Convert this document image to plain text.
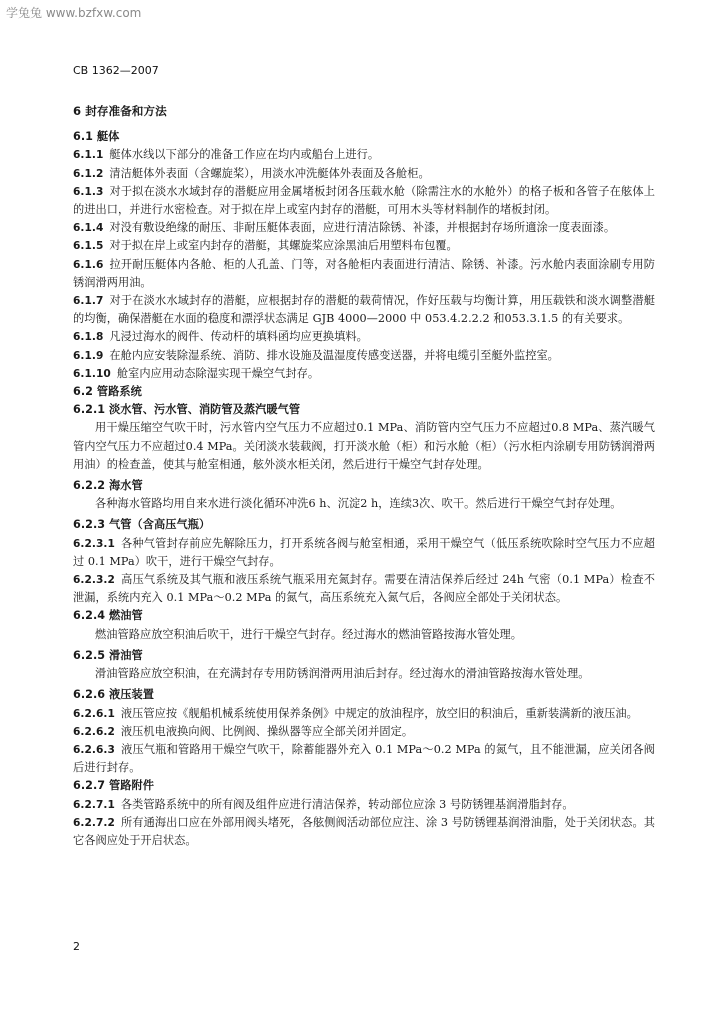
学兔兔 www.bzfxw.com
CB 1362—2007
6 封存准备和方法
6.1 艇体

6.1.1 艇体水线以下部分的准备工作应在均内或船台上进行。

6.1.2 清洁艇体外表面（含螺旋桨），用淡水冲洗艇体外表面及各舱柜。

6.1.3 对于拟在淡水水域封存的潜艇应用金属堵板封闭各压载水舱（除需注水的水舱外）的格子板和各管子在舷体上的进出口，并进行水密检查。对于拟在岸上或室内封存的潜艇，可用木头等材料制作的堵板封闭。

6.1.4 对没有敷设绝缘的耐压、非耐压艇体表面，应进行清洁除锈、补漆，并根据封存场所適涂一度表面漆。

6.1.5 对于拟在岸上或室内封存的潜艇，其螺旋桨应涂黑油后用塑料布包覆。

6.1.6 拉开耐压艇体内各舱、柜的人孔盖、门等，对各舱柜内表面进行清洁、除锈、补漆。污水舱内表面涂刷专用防锈润滑两用油。

6.1.7 对于在淡水水域封存的潜艇，应根据封存的潜艇的载荷情况，作好压载与均衡计算，用压载铁和淡水调整潜艇的均衡，确保潜艇在水面的稳度和漂浮状态满足 GJB 4000—2000 中 053.4.2.2.2 和053.3.1.5 的有关要求。

6.1.8 凡浸过海水的阀件、传动杆的填料函均应更换填料。

6.1.9 在舱内应安装除湿系统、消防、排水设施及温湿度传感变送器，并将电缆引至艇外监控室。

6.1.10 舱室内应用动态除湿实现干燥空气封存。

6.2 管路系统
6.2.1 淡水管、污水管、消防管及蒸汽暖气管

用干燥压缩空气吹干时，污水管内空气压力不应超过0.1 MPa、消防管内空气压力不应超过0.8 MPa、蒸汽暖气管内空气压力不应超过0.4 MPa。关闭淡水装载阀，打开淡水舱（柜）和污水舱（柜）（污水柜内涂刷专用防锈润滑两用油）的检查盖，使其与舱室相通，舷外淡水柜关闭，然后进行干燥空气封存处理。

6.2.2 海水管

各种海水管路均用自来水进行淡化循环冲洗6 h、沉淀2 h，连续3次、吹干。然后进行干燥空气封存处理。

6.2.3 气管（含高压气瓶）

6.2.3.1 各种气管封存前应先解除压力，打开系统各阀与舱室相通，采用干燥空气（低压系统吹除时空气压力不应超过 0.1 MPa）吹干，进行干燥空气封存。

6.2.3.2 高压气系统及其气瓶和液压系统气瓶采用充氮封存。需要在清洁保养后经过 24h 气密（0.1 MPa）检查不泄漏，系统内充入 0.1 MPa～0.2 MPa 的氮气，高压系统充入氮气后，各阀应全部处于关闭状态。

6.2.4 燃油管

燃油管路应放空积油后吹干，进行干燥空气封存。经过海水的燃油管路按海水管处理。

6.2.5 滑油管

滑油管路应放空积油，在充满封存专用防锈润滑两用油后封存。经过海水的滑油管路按海水管处理。

6.2.6 液压装置

6.2.6.1 液压管应按《舰船机械系统使用保养条例》中规定的放油程序，放空旧的积油后，重新装满新的液压油。

6.2.6.2 液压机电液换向阀、比例阀、操纵器等应全部关闭并固定。

6.2.6.3 液压气瓶和管路用干燥空气吹干，除蓄能器外充入 0.1 MPa～0.2 MPa 的氮气，且不能泄漏，应关闭各阀后进行封存。

6.2.7 管路附件

6.2.7.1 各类管路系统中的所有阀及组件应进行清洁保养，转动部位应涂 3 号防锈锂基润滑脂封存。

6.2.7.2 所有通海出口应在外部用阀头堵死，各舷侧阀活动部位应注、涂 3 号防锈锂基润滑油脂，处于关闭状态。其它各阀应处于开启状态。

2
